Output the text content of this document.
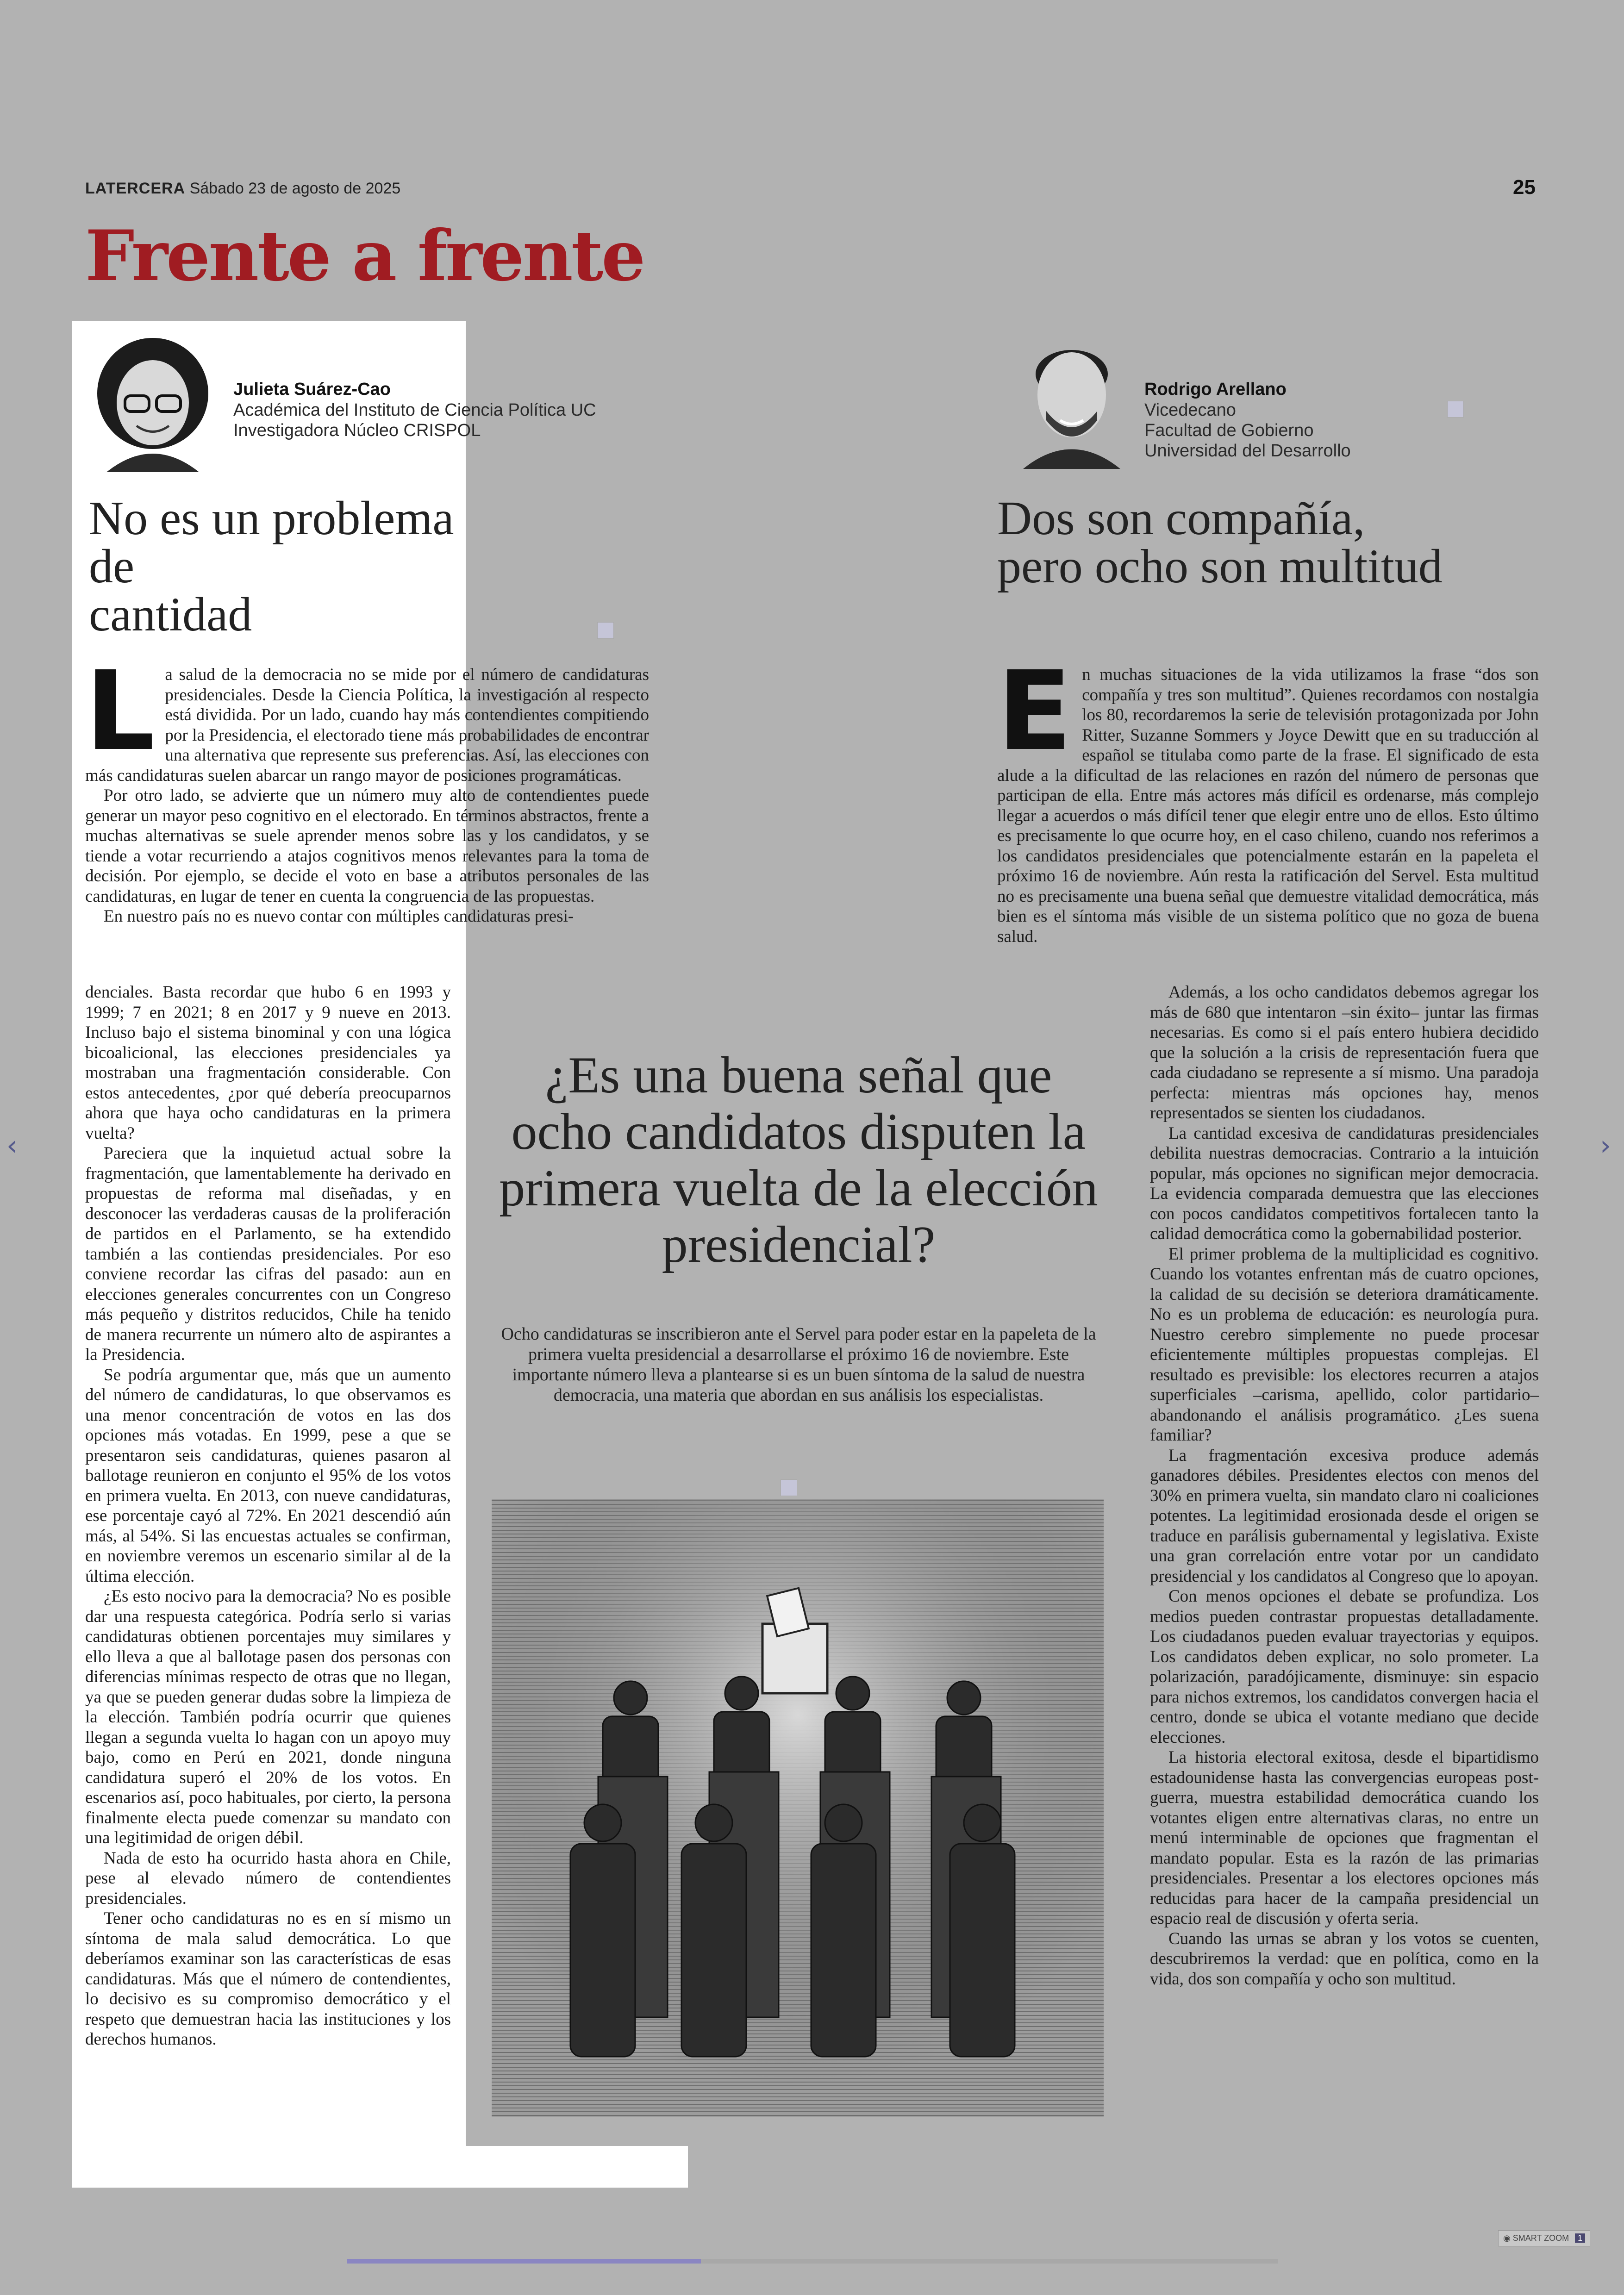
LATERCERA Sábado 23 de agosto de 2025	25
Frente a frente
Julieta Suárez-Cao
Académica del Instituto de Ciencia Política UC
Investigadora Núcleo CRISPOL
No es un problema de
cantidad
L a salud de la democracia no se mide por el número de candidaturas presidenciales. Desde la Ciencia Política, la investigación al respecto está dividida. Por un lado, cuando hay más contendientes compitiendo por la Presidencia, el electorado tiene más probabilidades de encontrar una alternativa que represente sus preferencias. Así, las elecciones con más candidaturas suelen abarcar un rango mayor de posiciones programáticas.

Por otro lado, se advierte que un número muy alto de contendientes puede generar un mayor peso cognitivo en el electorado. En términos abstractos, frente a muchas alternativas se suele aprender menos sobre las y los candidatos, y se tiende a votar recurriendo a atajos cognitivos menos relevantes para la toma de decisión. Por ejemplo, se decide el voto en base a atributos personales de las candidaturas, en lugar de tener en cuenta la congruencia de las propuestas.

En nuestro país no es nuevo contar con múltiples candidaturas presi-

denciales. Basta recordar que hubo 6 en 1993 y 1999; 7 en 2021; 8 en 2017 y 9 nueve en 2013. Incluso bajo el sistema binominal y con una lógica bicoalicional, las elecciones presidenciales ya mostraban una fragmentación considerable. Con estos antecedentes, ¿por qué debería preocuparnos ahora que haya ocho candidaturas en la primera vuelta?

Pareciera que la inquietud actual sobre la fragmentación, que lamentablemente ha derivado en propuestas de reforma mal diseñadas, y en desconocer las verdaderas causas de la proliferación de partidos en el Parlamento, se ha extendido también a las contiendas presidenciales. Por eso conviene recordar las cifras del pasado: aun en elecciones generales concurrentes con un Congreso más pequeño y distritos reducidos, Chile ha tenido de manera recurrente un número alto de aspirantes a la Presidencia.

Se podría argumentar que, más que un aumento del número de candidaturas, lo que observamos es una menor concentración de votos en las dos opciones más votadas. En 1999, pese a que se presentaron seis candidaturas, quienes pasaron al ballotage reunieron en conjunto el 95% de los votos en primera vuelta. En 2013, con nueve candidaturas, ese porcentaje cayó al 72%. En 2021 descendió aún más, al 54%. Si las encuestas actuales se confirman, en noviembre veremos un escenario similar al de la última elección.

¿Es esto nocivo para la democracia? No es posible dar una respuesta categórica. Podría serlo si varias candidaturas obtienen porcentajes muy similares y ello lleva a que al ballotage pasen dos personas con diferencias mínimas respecto de otras que no llegan, ya que se pueden generar dudas sobre la limpieza de la elección. También podría ocurrir que quienes llegan a segunda vuelta lo hagan con un apoyo muy bajo, como en Perú en 2021, donde ninguna candidatura superó el 20% de los votos. En escenarios así, poco habituales, por cierto, la persona finalmente electa puede comenzar su mandato con una legitimidad de origen débil.

Nada de esto ha ocurrido hasta ahora en Chile, pese al elevado número de contendientes presidenciales.

Tener ocho candidaturas no es en sí mismo un síntoma de mala salud democrática. Lo que deberíamos examinar son las características de esas candidaturas. Más que el número de contendientes, lo decisivo es su compromiso democrático y el respeto que demuestran hacia las instituciones y los derechos humanos.

¿Es una buena señal que ocho candidatos disputen la primera vuelta de la elección presidencial?
Ocho candidaturas se inscribieron ante el Servel para poder estar en la papeleta de la primera vuelta presidencial a desarrollarse el próximo 16 de noviembre. Este importante número lleva a plantearse si es un buen síntoma de la salud de nuestra democracia, una materia que abordan en sus análisis los especialistas.
Rodrigo Arellano
Vicedecano
Facultad de Gobierno
Universidad del Desarrollo
Dos son compañía,
pero ocho son multitud
E n muchas situaciones de la vida utilizamos la frase “dos son compañía y tres son multitud”. Quienes recordamos con nostalgia los 80, recordaremos la serie de televisión protagonizada por John Ritter, Suzanne Sommers y Joyce Dewitt que en su traducción al español se titulaba como parte de la frase. El significado de esta alude a la dificultad de las relaciones en razón del número de personas que participan de ella. Entre más actores más difícil es ordenarse, más complejo llegar a acuerdos o más difícil tener que elegir entre uno de ellos. Esto último es precisamente lo que ocurre hoy, en el caso chileno, cuando nos referimos a los candidatos presidenciales que potencialmente estarán en la papeleta el próximo 16 de noviembre. Aún resta la ratificación del Servel. Esta multitud no es precisamente una buena señal que demuestre vitalidad democrática, más bien es el síntoma más visible de un sistema político que no goza de buena salud.

Además, a los ocho candidatos debemos agregar los más de 680 que intentaron –sin éxito– juntar las firmas necesarias. Es como si el país entero hubiera decidido que la solución a la crisis de representación fuera que cada ciudadano se represente a sí mismo. Una paradoja perfecta: mientras más opciones hay, menos representados se sienten los ciudadanos.

La cantidad excesiva de candidaturas presidenciales debilita nuestras democracias. Contrario a la intuición popular, más opciones no significan mejor democracia. La evidencia comparada demuestra que las elecciones con pocos candidatos competitivos fortalecen tanto la calidad democrática como la gobernabilidad posterior.

El primer problema de la multiplicidad es cognitivo. Cuando los votantes enfrentan más de cuatro opciones, la calidad de su decisión se deteriora dramáticamente. No es un problema de educación: es neurología pura. Nuestro cerebro simplemente no puede procesar eficientemente múltiples propuestas complejas. El resultado es previsible: los electores recurren a atajos superficiales –carisma, apellido, color partidario– abandonando el análisis programático. ¿Les suena familiar?

La fragmentación excesiva produce además ganadores débiles. Presidentes electos con menos del 30% en primera vuelta, sin mandato claro ni coaliciones potentes. La legitimidad erosionada desde el origen se traduce en parálisis gubernamental y legislativa. Existe una gran correlación entre votar por un candidato presidencial y los candidatos al Congreso que lo apoyan.

Con menos opciones el debate se profundiza. Los medios pueden contrastar propuestas detalladamente. Los ciudadanos pueden evaluar trayectorias y equipos. Los candidatos deben explicar, no solo prometer. La polarización, paradójicamente, disminuye: sin espacio para nichos extremos, los candidatos convergen hacia el centro, donde se ubica el votante mediano que decide elecciones.

La historia electoral exitosa, desde el bipartidismo estadounidense hasta las convergencias europeas post-guerra, muestra estabilidad democrática cuando los votantes eligen entre alternativas claras, no entre un menú interminable de opciones que fragmentan el mandato popular. Esta es la razón de las primarias presidenciales. Presentar a los electores opciones más reducidas para hacer de la campaña presidencial un espacio real de discusión y oferta seria.

Cuando las urnas se abran y los votos se cuenten, descubriremos la verdad: que en política, como en la vida, dos son compañía y ocho son multitud.

‹	›
◉ SMART ZOOM 1
